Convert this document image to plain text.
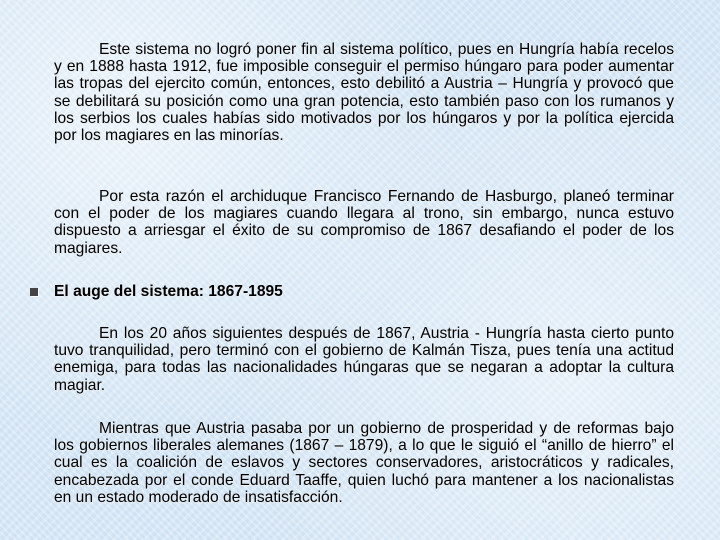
Este sistema no logró poner fin al sistema político, pues en Hungría había recelos y en 1888 hasta 1912, fue imposible conseguir el permiso húngaro para poder aumentar las tropas del ejercito común, entonces, esto debilitó a Austria – Hungría y provocó que se debilitará su posición como una gran potencia, esto también paso con los rumanos y los serbios los cuales habías sido motivados por los húngaros y por la política ejercida por los magiares en las minorías.

Por esta razón el archiduque Francisco Fernando de Hasburgo, planeó terminar con el poder de los magiares cuando llegara al trono, sin embargo, nunca estuvo dispuesto a arriesgar el éxito de su compromiso de 1867 desafiando el poder de los magiares.

El auge del sistema: 1867-1895

En los 20 años siguientes después de 1867, Austria - Hungría hasta cierto punto tuvo tranquilidad, pero terminó con el gobierno de Kalmán Tisza, pues tenía una actitud enemiga, para todas las nacionalidades húngaras que se negaran a adoptar la cultura magiar.

Mientras que Austria pasaba por un gobierno de prosperidad y de reformas bajo los gobiernos liberales alemanes (1867 – 1879), a lo que le siguió el “anillo de hierro” el cual es la coalición de eslavos y sectores conservadores, aristocráticos y radicales, encabezada por el conde Eduard Taaffe, quien luchó para mantener a los nacionalistas en un estado moderado de insatisfacción.
